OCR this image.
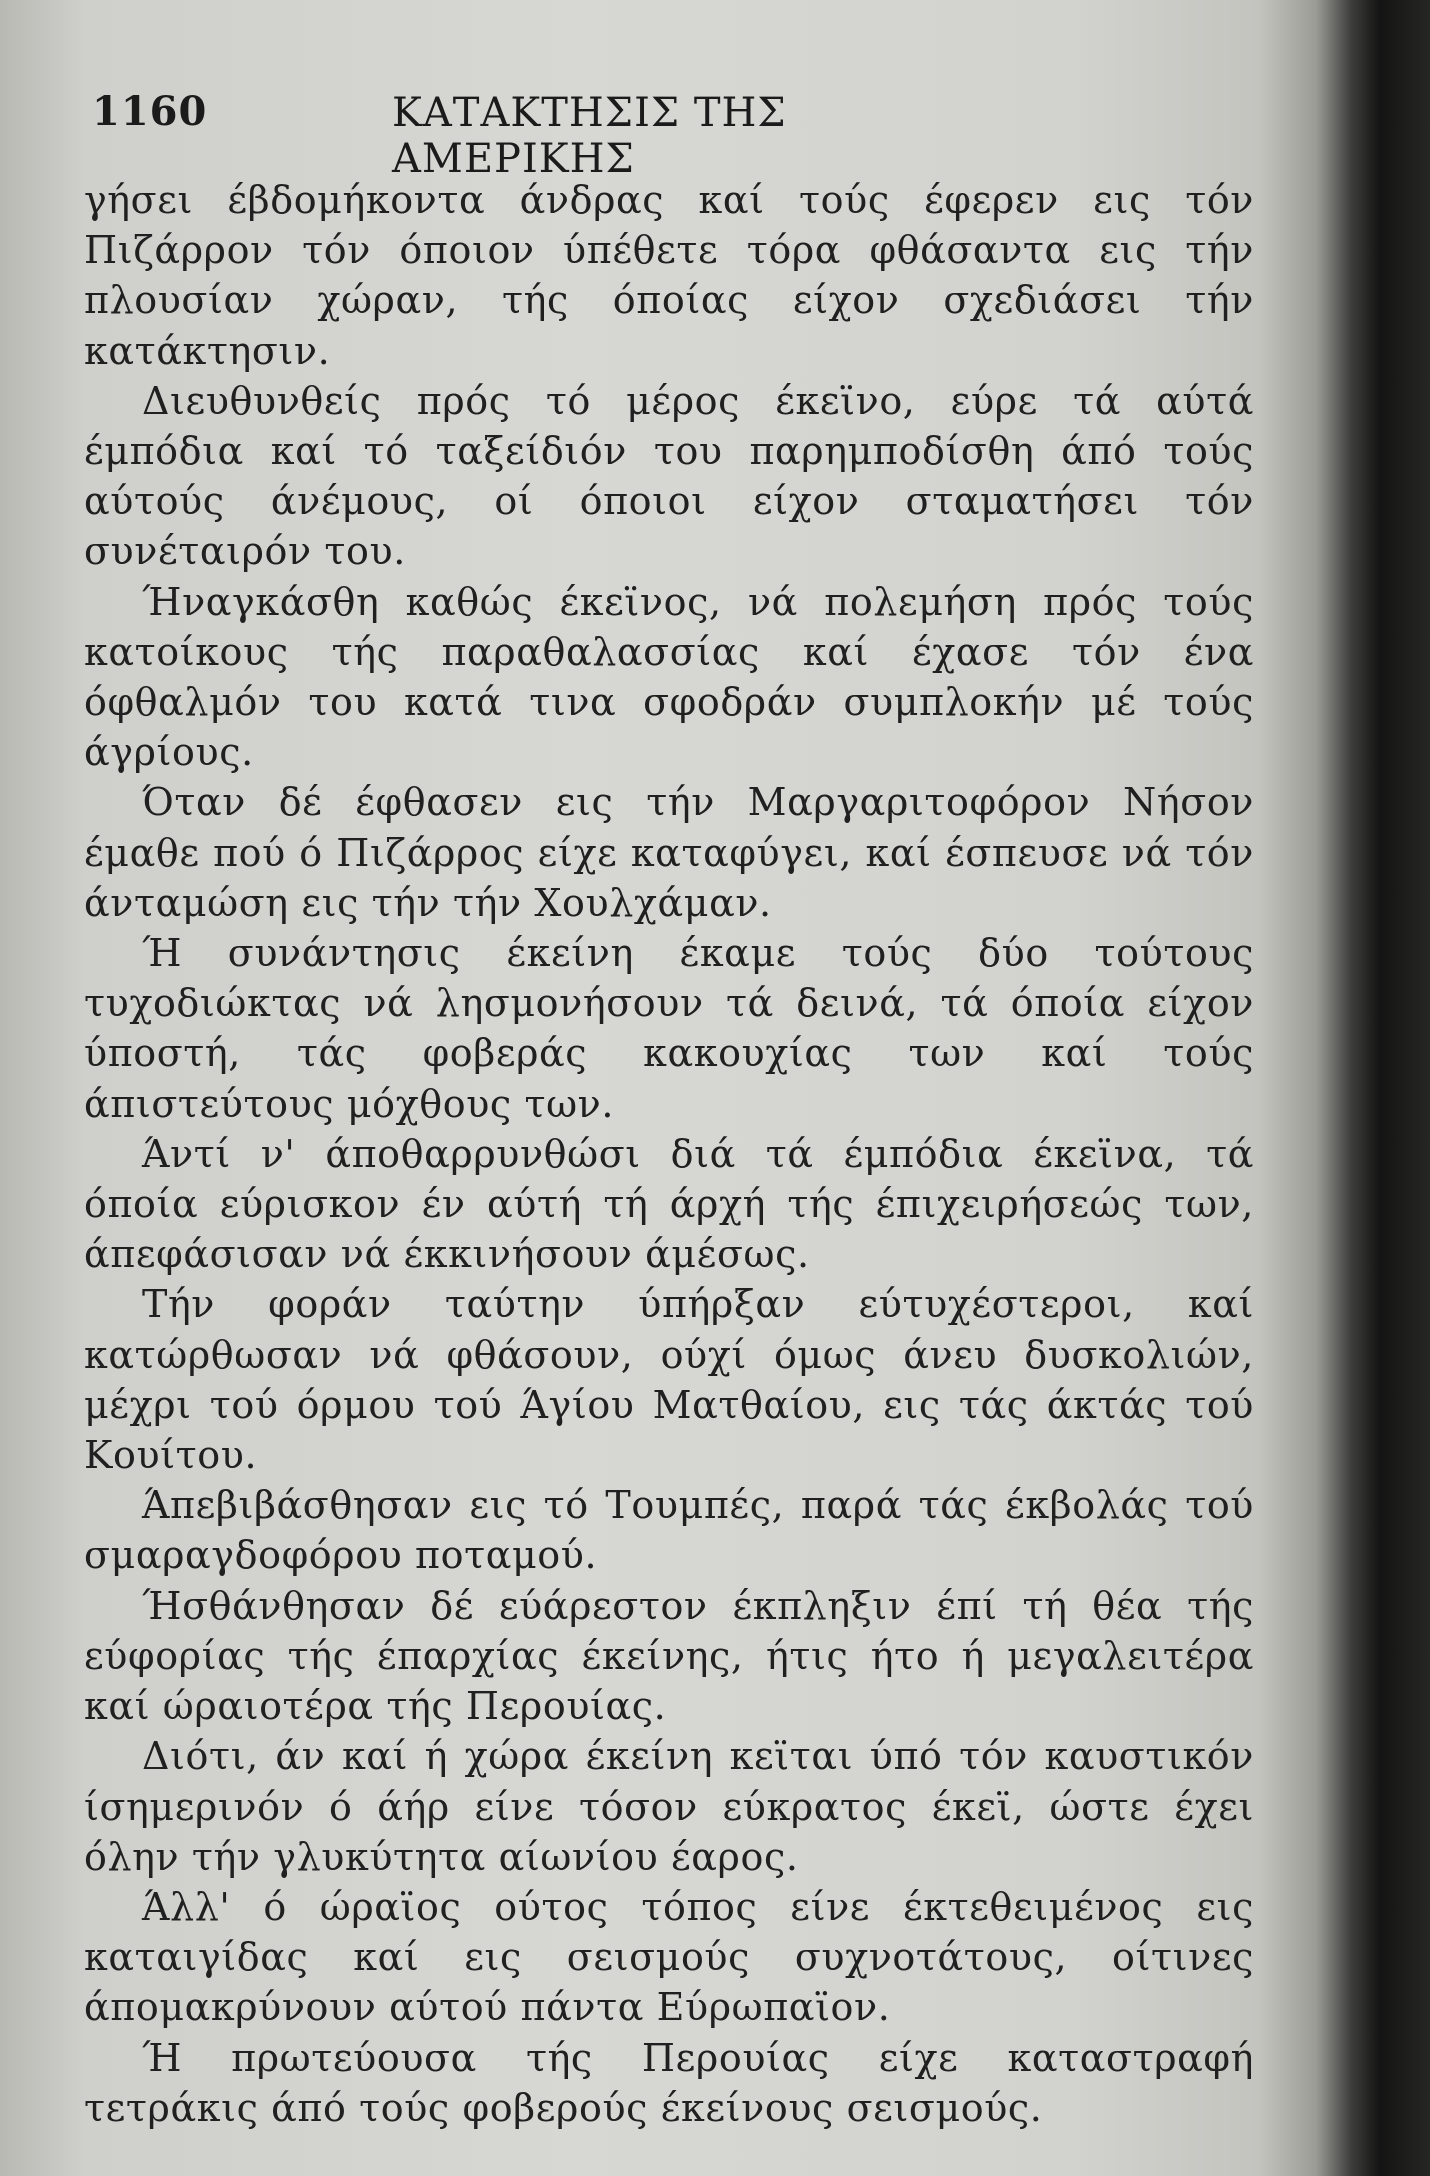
1160	ΚΑΤΑΚΤΗΣΙΣ ΤΗΣ ΑΜΕΡΙΚΗΣ

γήσει έβδομήκοντα άνδρας καί τούς έφερεν εις τόν Πιζάρρον τόν όποιον ύπέθετε τόρα φθάσαντα εις τήν πλουσίαν χώραν, τής όποίας είχον σχεδιάσει τήν κατάκτησιν.

Διευθυνθείς πρός τό μέρος έκεϊνο, εύρε τά αύτά έμπόδια καί τό ταξείδιόν του παρημποδίσθη άπό τούς αύτούς άνέμους, οί όποιοι είχον σταματήσει τόν συνέταιρόν του.

Ήναγκάσθη καθώς έκεϊνος, νά πολεμήση πρός τούς κατοίκους τής παραθαλασσίας καί έχασε τόν ένα όφθαλμόν του κατά τινα σφοδράν συμπλοκήν μέ τούς άγρίους.

Όταν δέ έφθασεν εις τήν Μαργαριτοφόρον Νήσον έμαθε πού ό Πιζάρρος είχε καταφύγει, καί έσπευσε νά τόν άνταμώση εις τήν τήν Χουλχάμαν.

Ή συνάντησις έκείνη έκαμε τούς δύο τούτους τυχοδιώκτας νά λησμονήσουν τά δεινά, τά όποία είχον ύποστή, τάς φοβεράς κακουχίας των καί τούς άπιστεύτους μόχθους των.

Άντί ν' άποθαρρυνθώσι διά τά έμπόδια έκεϊνα, τά όποία εύρισκον έν αύτή τή άρχή τής έπιχειρήσεώς των, άπεφάσισαν νά έκκινήσουν άμέσως.

Τήν φοράν ταύτην ύπήρξαν εύτυχέστεροι, καί κατώρθωσαν νά φθάσουν, ούχί όμως άνευ δυσκολιών, μέχρι τού όρμου τού Άγίου Ματθαίου, εις τάς άκτάς τού Κουίτου.

Άπεβιβάσθησαν εις τό Τουμπές, παρά τάς έκβολάς τού σμαραγδοφόρου ποταμού.

Ήσθάνθησαν δέ εύάρεστον έκπληξιν έπί τή θέα τής εύφορίας τής έπαρχίας έκείνης, ήτις ήτο ή μεγαλειτέρα καί ώραιοτέρα τής Περουίας.

Διότι, άν καί ή χώρα έκείνη κεϊται ύπό τόν καυστικόν ίσημερινόν ό άήρ είνε τόσον εύκρατος έκεϊ, ώστε έχει όλην τήν γλυκύτητα αίωνίου έαρος.

Άλλ' ό ώραϊος ούτος τόπος είνε έκτεθειμένος εις καταιγίδας καί εις σεισμούς συχνοτάτους, οίτινες άπομακρύνουν αύτού πάντα Εύρωπαϊον.

Ή πρωτεύουσα τής Περουίας είχε καταστραφή τετράκις άπό τούς φοβερούς έκείνους σεισμούς.
